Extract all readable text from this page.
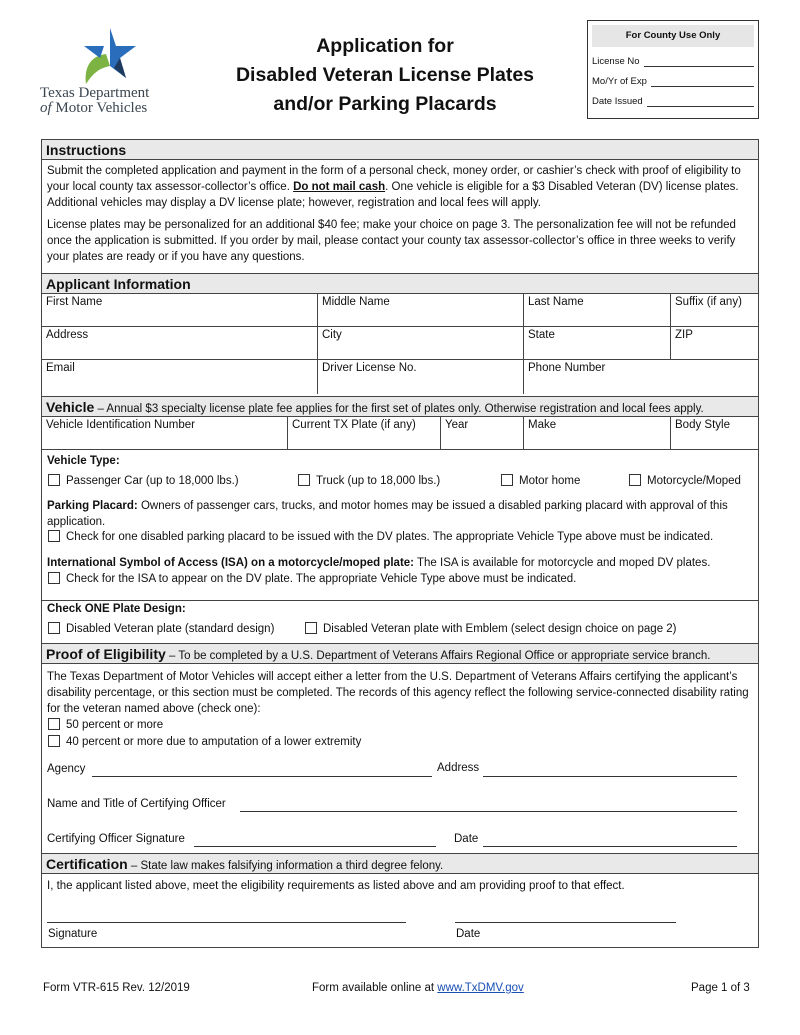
Texas Department
of Motor Vehicles
Application for
Disabled Veteran License Plates
and/or Parking Placards
For County Use Only
License No
Mo/Yr of Exp
Date Issued
Instructions
Submit the completed application and payment in the form of a personal check, money order, or cashier’s check with proof of eligibility to your local county tax assessor-collector’s office. Do not mail cash. One vehicle is eligible for a $3 Disabled Veteran (DV) license plates. Additional vehicles may display a DV license plate; however, registration and local fees will apply.
License plates may be personalized for an additional $40 fee; make your choice on page 3. The personalization fee will not be refunded once the application is submitted. If you order by mail, please contact your county tax assessor-collector’s office in three weeks to verify your plates are ready or if you have any questions.
Applicant Information
First Name	Middle Name	Last Name	Suffix (if any)
Address	City	State	ZIP
Email	Driver License No.	Phone Number
Vehicle – Annual $3 specialty license plate fee applies for the first set of plates only. Otherwise registration and local fees apply.
Vehicle Identification Number	Current TX Plate (if any)	Year	Make	Body Style
Vehicle Type:
Passenger Car (up to 18,000 lbs.)	Truck (up to 18,000 lbs.)	Motor home	Motorcycle/Moped
Parking Placard: Owners of passenger cars, trucks, and motor homes may be issued a disabled parking placard with approval of this application.
Check for one disabled parking placard to be issued with the DV plates. The appropriate Vehicle Type above must be indicated.
International Symbol of Access (ISA) on a motorcycle/moped plate: The ISA is available for motorcycle and moped DV plates.
Check for the ISA to appear on the DV plate. The appropriate Vehicle Type above must be indicated.
Check ONE Plate Design:
Disabled Veteran plate (standard design)	Disabled Veteran plate with Emblem (select design choice on page 2)
Proof of Eligibility – To be completed by a U.S. Department of Veterans Affairs Regional Office or appropriate service branch.
The Texas Department of Motor Vehicles will accept either a letter from the U.S. Department of Veterans Affairs certifying the applicant’s disability percentage, or this section must be completed. The records of this agency reflect the following service-connected disability rating for the veteran named above (check one):
50 percent or more
40 percent or more due to amputation of a lower extremity
Agency	Address
Name and Title of Certifying Officer
Certifying Officer Signature	Date
Certification – State law makes falsifying information a third degree felony.
I, the applicant listed above, meet the eligibility requirements as listed above and am providing proof to that effect.
Signature	Date
Form VTR-615 Rev. 12/2019	Form available online at www.TxDMV.gov	Page 1 of 3
